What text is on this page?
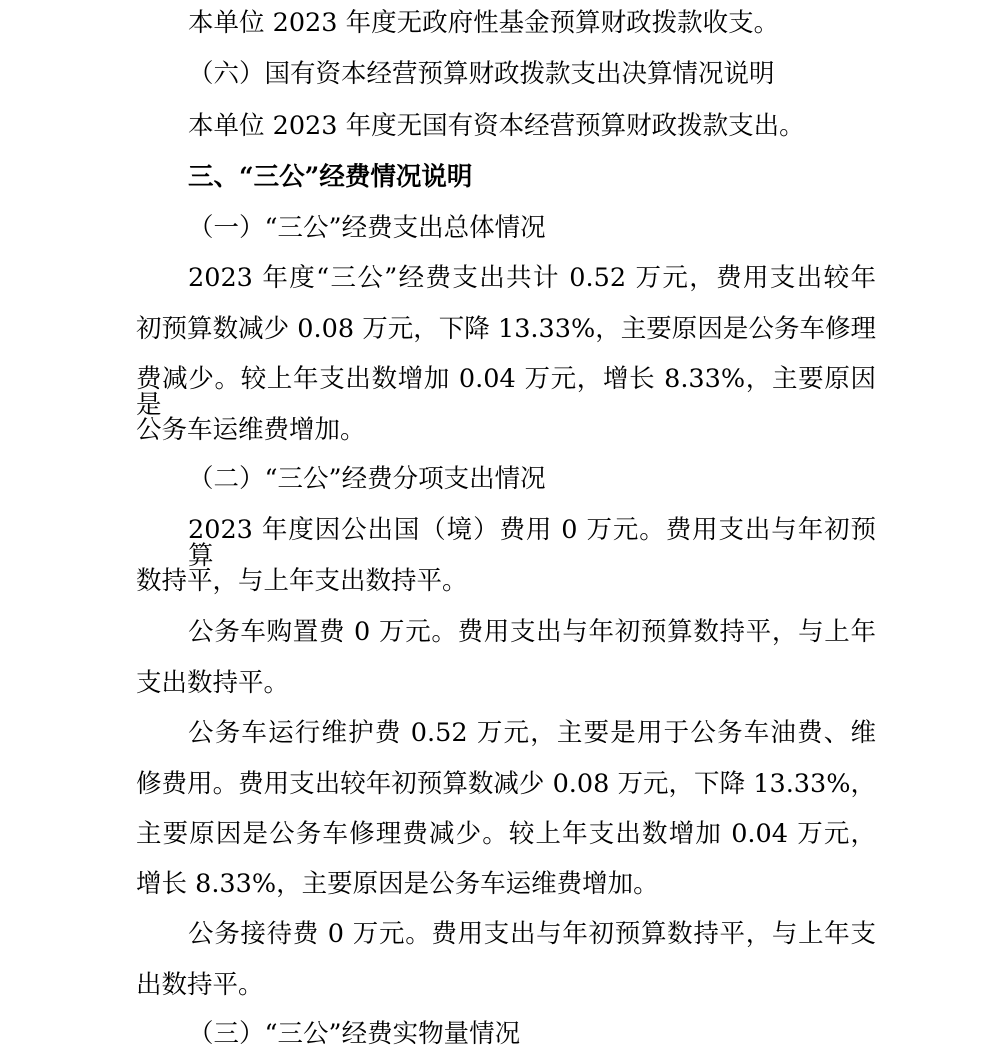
本单位 2023 年度无政府性基金预算财政拨款收支。
（六）国有资本经营预算财政拨款支出决算情况说明
本单位 2023 年度无国有资本经营预算财政拨款支出。
三、“三公”经费情况说明
（一）“三公”经费支出总体情况
2023 年度“三公”经费支出共计 0.52 万元，费用支出较年
初预算数减少 0.08 万元，下降 13.33%，主要原因是公务车修理
费减少。较上年支出数增加 0.04 万元，增长 8.33%，主要原因是
公务车运维费增加。
（二）“三公”经费分项支出情况
2023 年度因公出国（境）费用 0 万元。费用支出与年初预算
数持平，与上年支出数持平。
公务车购置费 0 万元。费用支出与年初预算数持平，与上年
支出数持平。
公务车运行维护费 0.52 万元，主要是用于公务车油费、维
修费用。费用支出较年初预算数减少 0.08 万元，下降 13.33%，
主要原因是公务车修理费减少。较上年支出数增加 0.04 万元，
增长 8.33%，主要原因是公务车运维费增加。
公务接待费 0 万元。费用支出与年初预算数持平，与上年支
出数持平。
（三）“三公”经费实物量情况
